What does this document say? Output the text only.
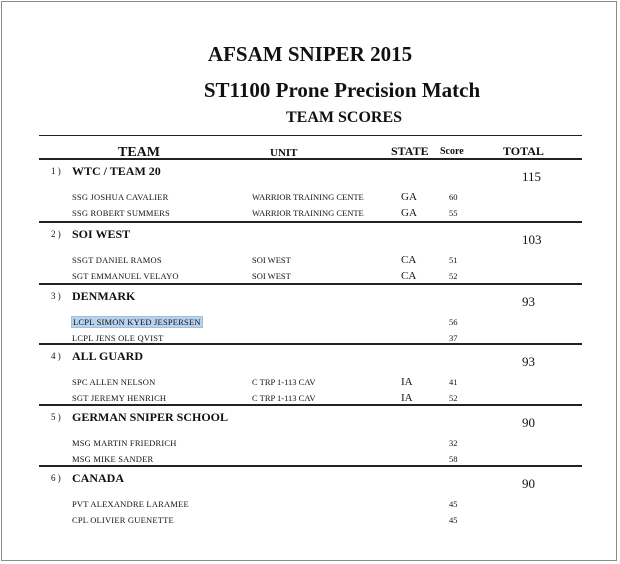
AFSAM SNIPER 2015
ST1100 Prone Precision Match
TEAM SCORES
TEAM	UNIT	STATE Score	TOTAL
1 ) WTC / TEAM 20	115
SSG JOSHUA CAVALIER	WARRIOR TRAINING CENTE	GA	60
SSG ROBERT SUMMERS	WARRIOR TRAINING CENTE	GA	55
2 ) SOI WEST	103
SSGT DANIEL RAMOS	SOI WEST	CA	51
SGT EMMANUEL VELAYO	SOI WEST	CA	52
3 ) DENMARK	93
LCPL SIMON KYED JESPERSEN	56
LCPL JENS OLE QVIST	37
4 ) ALL GUARD	93
SPC ALLEN NELSON	C TRP 1-113 CAV	IA	41
SGT JEREMY HENRICH	C TRP 1-113 CAV	IA	52
5 ) GERMAN SNIPER SCHOOL	90
MSG MARTIN FRIEDRICH	32
MSG MIKE SANDER	58
6 ) CANADA	90
PVT ALEXANDRE LARAMEE	45
CPL OLIVIER GUENETTE	45
